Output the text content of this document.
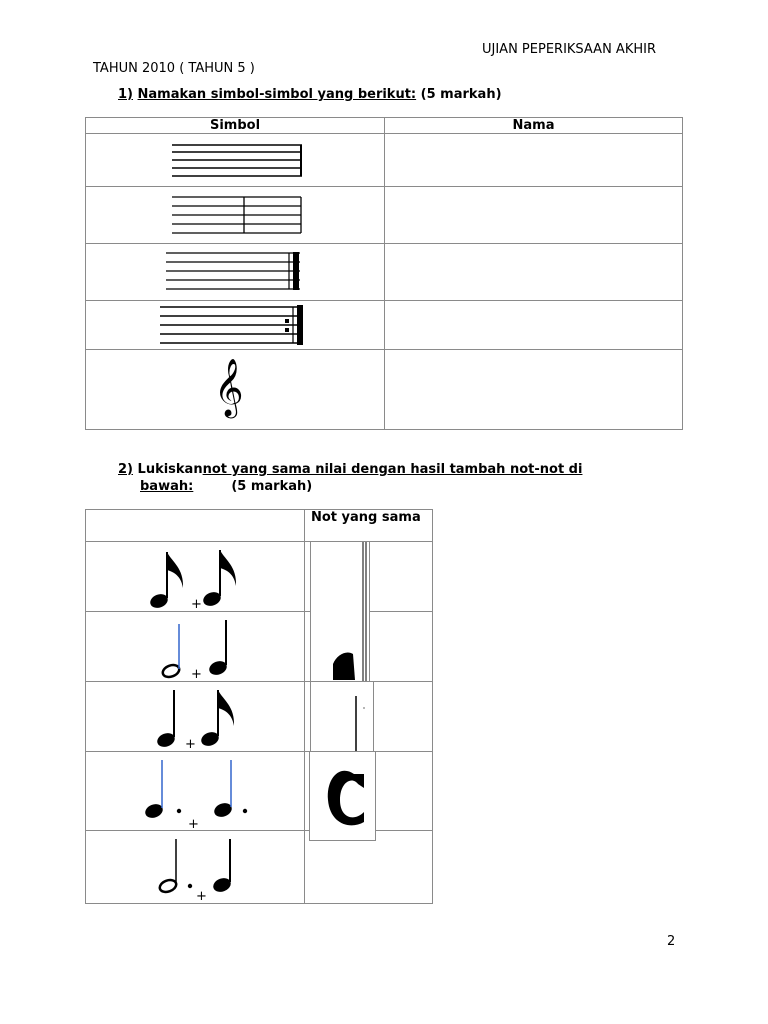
UJIAN PEPERIKSAAN AKHIR
TAHUN 2010 ( TAHUN 5 )
1) Namakan simbol-simbol yang berikut: (5 markah)
Simbol	Nama

𝄞	

2) Lukiskannot yang sama nilai dengan hasil tambah not-not di
bawah:	(5 markah)
	Not yang sama

+	

+	

+	

+	

+	

2
